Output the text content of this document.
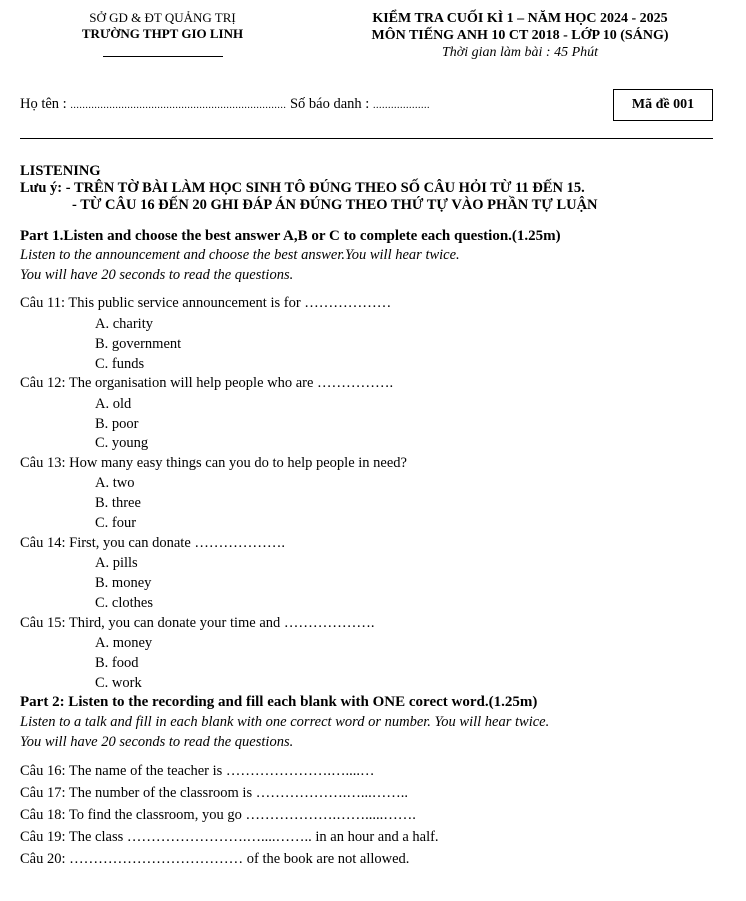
SỞ GD & ĐT QUẢNG TRỊ
TRƯỜNG THPT GIO LINH
KIỂM TRA CUỐI KÌ 1 – NĂM HỌC 2024 - 2025
MÔN TIẾNG ANH 10 CT 2018 - LỚP 10 (SÁNG)
Thời gian làm bài : 45 Phút
Họ tên : ........................................................................ Số báo danh : ...................	Mã đề 001
LISTENING
Lưu ý: - TRÊN TỜ BÀI LÀM HỌC SINH TÔ ĐÚNG THEO SỐ CÂU HỎI TỪ 11 ĐẾN 15.
- TỪ CÂU 16 ĐẾN 20 GHI ĐÁP ÁN ĐÚNG THEO THỨ TỰ VÀO PHẦN TỰ LUẬN
Part 1.Listen and choose the best answer A,B or C to complete each question.(1.25m)
Listen to the announcement and choose the best answer.You will hear twice.
You will have 20 seconds to read the questions.
Câu 11: This public service announcement is for ………………
A. charity
B. government
C. funds
Câu 12: The organisation will help people who are …………….
A. old
B. poor
C. young
Câu 13: How many easy things can you do to help people in need?
A. two
B. three
C. four
Câu 14: First, you can donate ……………….
A. pills
B. money
C. clothes
Câu 15: Third, you can donate your time and ……………….
A. money
B. food
C. work
Part 2: Listen to the recording and fill each blank with ONE corect word.(1.25m)
Listen to a talk and fill in each blank with one correct word or number. You will hear twice.
You will have 20 seconds to read the questions.
Câu 16: The name of the teacher is ………………….…....…
Câu 17: The number of the classroom is ……………….…...……..
Câu 18: To find the classroom, you go ……………….…….....…….
Câu 19: The class …………………….…....…….. in an hour and a half.
Câu 20: ……………………………… of the book are not allowed.
